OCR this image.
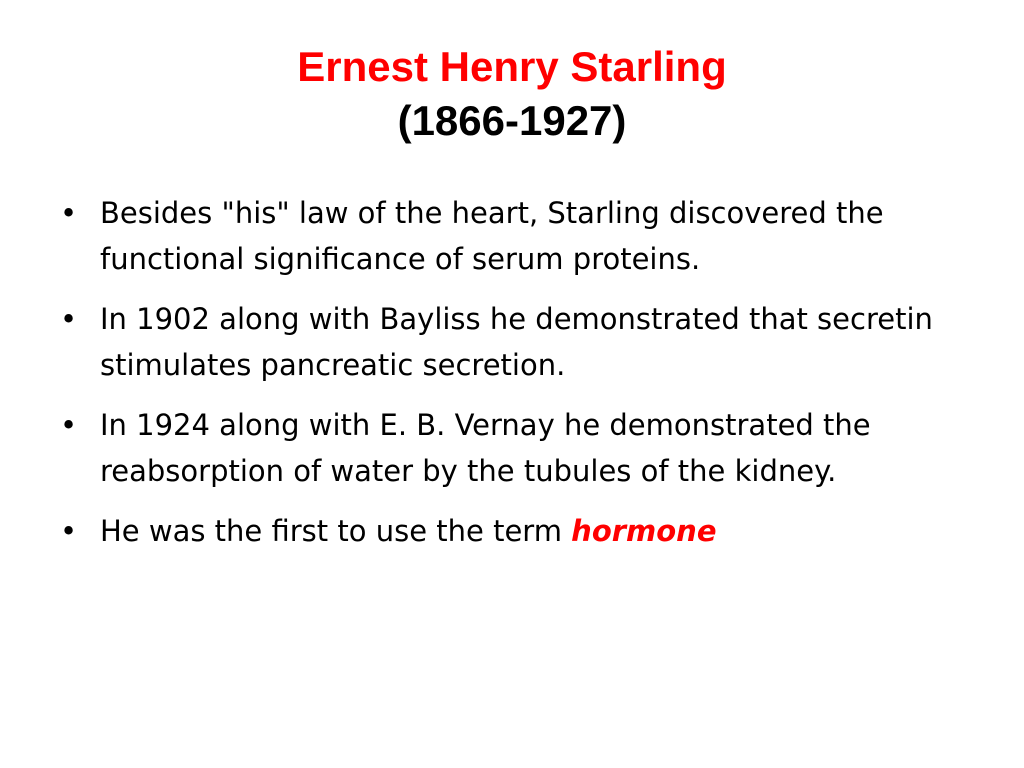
Ernest Henry Starling
(1866-1927)
• Besides "his" law of the heart, Starling discovered the functional significance of serum proteins.
• In 1902 along with Bayliss he demonstrated that secretin stimulates pancreatic secretion.
• In 1924 along with E. B. Vernay he demonstrated the reabsorption of water by the tubules of the kidney.
• He was the first to use the term hormone
